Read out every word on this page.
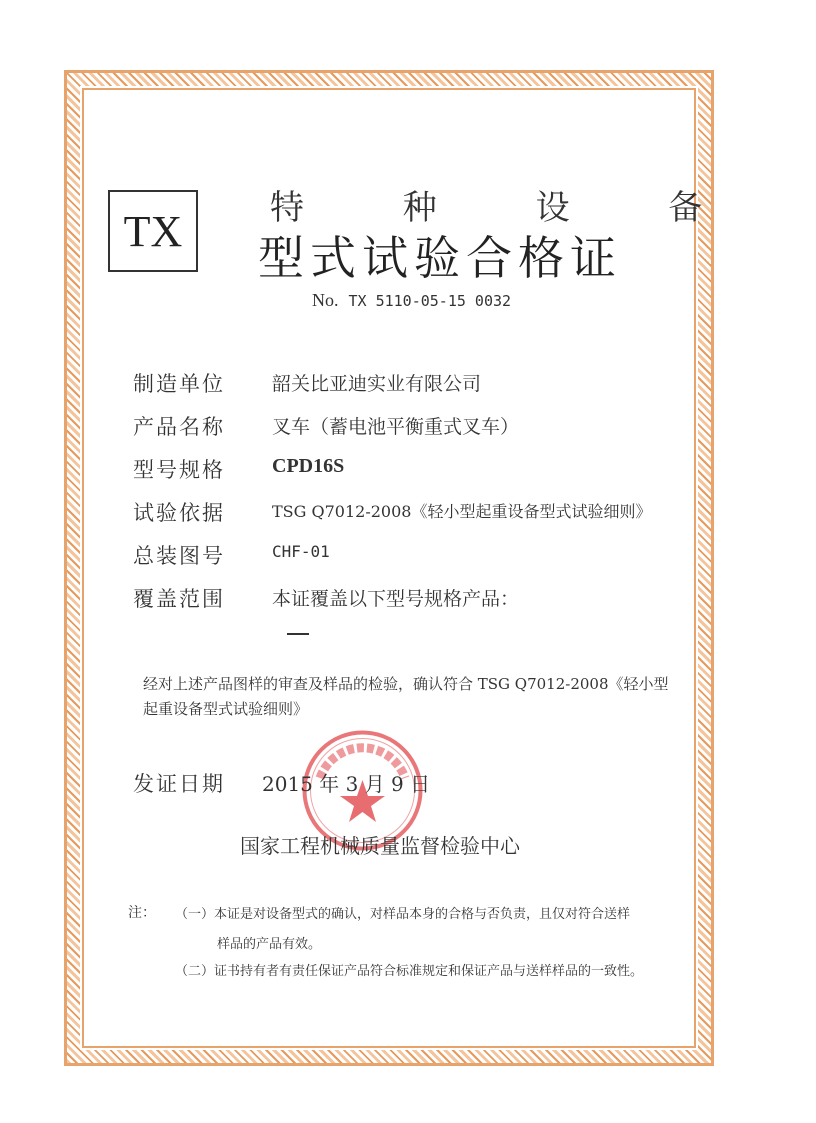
TX	特 种 设 备
型式试验合格证
No. TX 5110-05-15 0032
制造单位 韶关比亚迪实业有限公司
产品名称 叉车（蓄电池平衡重式叉车）
型号规格 CPD16S
试验依据	TSG Q7012-2008《轻小型起重设备型式试验细则》
总装图号	CHF-01
覆盖范围 本证覆盖以下型号规格产品：
经对上述产品图样的审查及样品的检验，确认符合 TSG Q7012-2008《轻小型起重设备型式试验细则》
发证日期 2015 年 3 月 9 日
国家工程机械质量监督检验中心
注： （一）本证是对设备型式的确认，对样品本身的合格与否负责，且仅对符合送样
样品的产品有效。
（二）证书持有者有责任保证产品符合标准规定和保证产品与送样样品的一致性。
